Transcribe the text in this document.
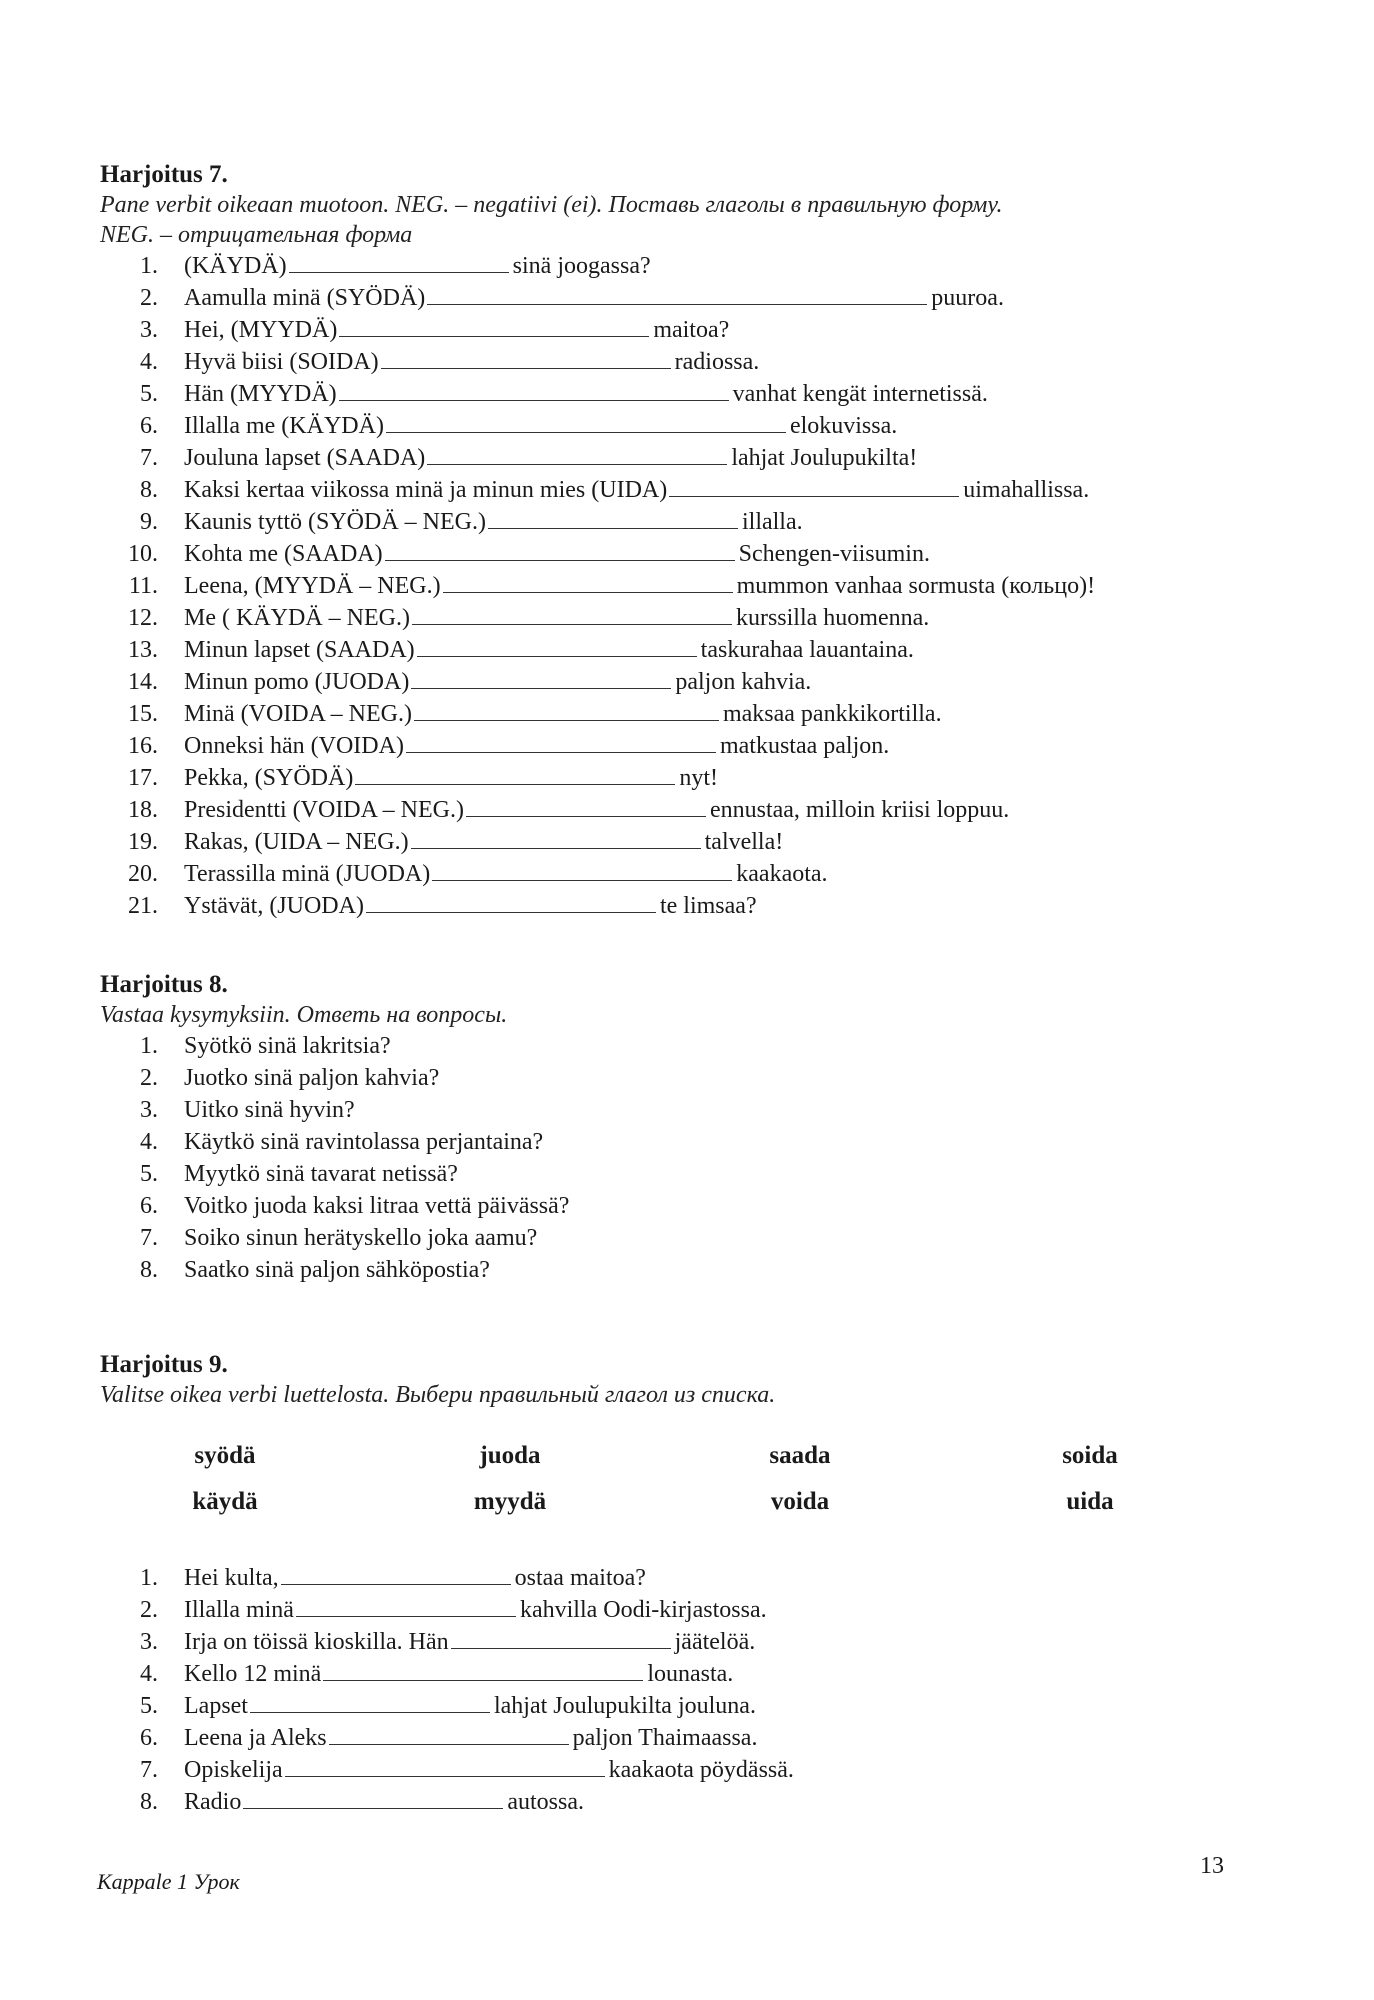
Harjoitus 7.

Pane verbit oikeaan muotoon. NEG. – negatiivi (ei). Поставь глаголы в правильную форму.

NEG. – отрицательная форма

1. (KÄYDÄ)	sinä joogassa?
2. Aamulla minä (SYÖDÄ)	puuroa.
3. Hei, (MYYDÄ)	maitoa?
4. Hyvä biisi (SOIDA)	radiossa.
5. Hän (MYYDÄ)	vanhat kengät internetissä.
6. Illalla me (KÄYDÄ)	elokuvissa.
7. Jouluna lapset (SAADA)	lahjat Joulupukilta!
8. Kaksi kertaa viikossa minä ja minun mies (UIDA)	uimahallissa.
9. Kaunis tyttö (SYÖDÄ – NEG.)	illalla.
10. Kohta me (SAADA)	Schengen-viisumin.
11. Leena, (MYYDÄ – NEG.)	mummon vanhaa sormusta (кольцо)!
12. Me ( KÄYDÄ – NEG.)	kurssilla huomenna.
13. Minun lapset (SAADA)	taskurahaa lauantaina.
14. Minun pomo (JUODA)	paljon kahvia.
15. Minä (VOIDA – NEG.)	maksaa pankkikortilla.
16. Onneksi hän (VOIDA)	matkustaa paljon.
17. Pekka, (SYÖDÄ)	nyt!
18. Presidentti (VOIDA – NEG.)	ennustaa, milloin kriisi loppuu.
19. Rakas, (UIDA – NEG.)	talvella!
20. Terassilla minä (JUODA)	kaakaota.
21. Ystävät, (JUODA)	te limsaa?

Harjoitus 8.

Vastaa kysymyksiin. Ответь на вопросы.

1. Syötkö sinä lakritsia?
2. Juotko sinä paljon kahvia?
3. Uitko sinä hyvin?
4. Käytkö sinä ravintolassa perjantaina?
5. Myytkö sinä tavarat netissä?
6. Voitko juoda kaksi litraa vettä päivässä?
7. Soiko sinun herätyskello joka aamu?
8. Saatko sinä paljon sähköpostia?

Harjoitus 9.

Valitse oikea verbi luettelosta. Выбери правильный глагол из списка.

syödä	juoda	saada	soida
käydä	myydä	voida	uida
1. Hei kulta,	ostaa maitoa?
2. Illalla minä	kahvilla Oodi-kirjastossa.
3. Irja on töissä kioskilla. Hän	jäätelöä.
4. Kello 12 minä	lounasta.
5. Lapset	lahjat Joulupukilta jouluna.
6. Leena ja Aleks	paljon Thaimaassa.
7. Opiskelija	kaakaota pöydässä.
8. Radio	autossa.
Kappale 1 Урок
13
